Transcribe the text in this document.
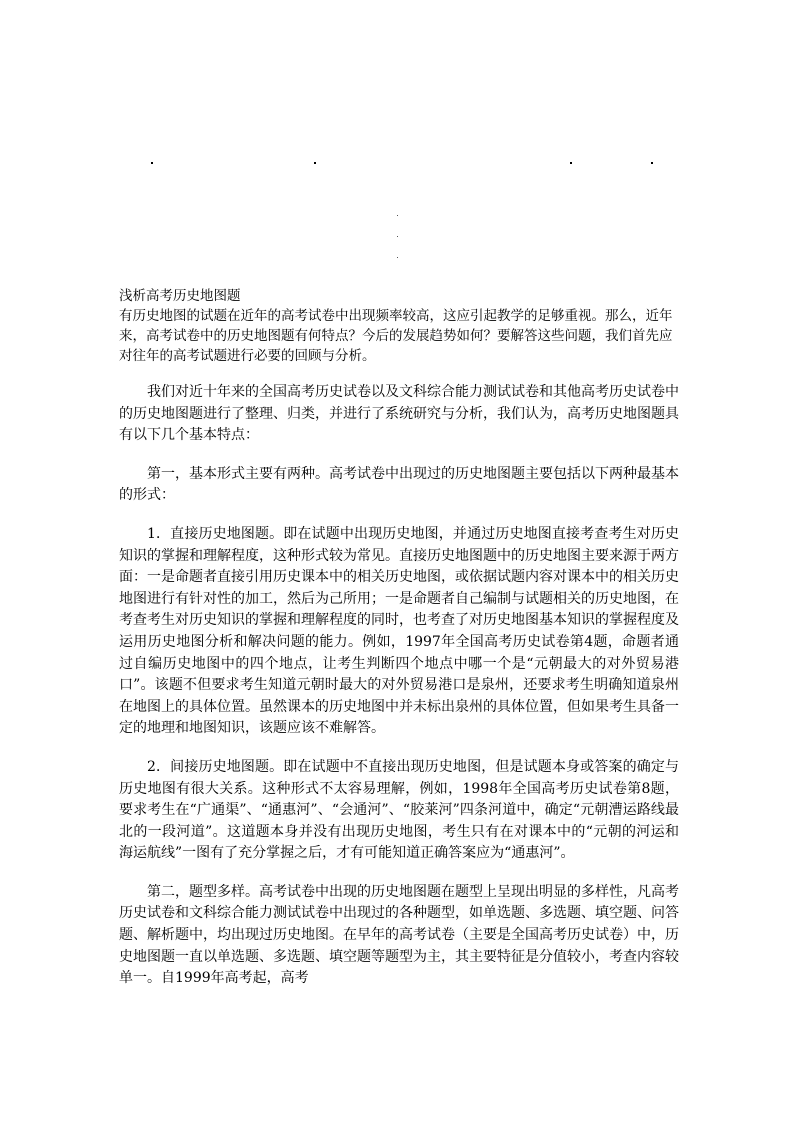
浅析高考历史地图题

有历史地图的试题在近年的高考试卷中出现频率较高，这应引起教学的足够重视。那么，近年来，高考试卷中的历史地图题有何特点？今后的发展趋势如何？要解答这些问题，我们首先应对往年的高考试题进行必要的回顾与分析。

我们对近十年来的全国高考历史试卷以及文科综合能力测试试卷和其他高考历史试卷中的历史地图题进行了整理、归类，并进行了系统研究与分析，我们认为，高考历史地图题具有以下几个基本特点：

第一，基本形式主要有两种。高考试卷中出现过的历史地图题主要包括以下两种最基本的形式：

1．直接历史地图题。即在试题中出现历史地图，并通过历史地图直接考查考生对历史知识的掌握和理解程度，这种形式较为常见。直接历史地图题中的历史地图主要来源于两方面：一是命题者直接引用历史课本中的相关历史地图，或依据试题内容对课本中的相关历史地图进行有针对性的加工，然后为己所用；一是命题者自己编制与试题相关的历史地图，在考查考生对历史知识的掌握和理解程度的同时，也考查了对历史地图基本知识的掌握程度及运用历史地图分析和解决问题的能力。例如，1997年全国高考历史试卷第4题，命题者通过自编历史地图中的四个地点，让考生判断四个地点中哪一个是“元朝最大的对外贸易港口”。该题不但要求考生知道元朝时最大的对外贸易港口是泉州，还要求考生明确知道泉州在地图上的具体位置。虽然课本的历史地图中并未标出泉州的具体位置，但如果考生具备一定的地理和地图知识，该题应该不难解答。

2．间接历史地图题。即在试题中不直接出现历史地图，但是试题本身或答案的确定与历史地图有很大关系。这种形式不太容易理解，例如，1998年全国高考历史试卷第8题，要求考生在“广通渠”、“通惠河”、“会通河”、“胶莱河”四条河道中，确定“元朝漕运路线最北的一段河道”。这道题本身并没有出现历史地图，考生只有在对课本中的“元朝的河运和海运航线”一图有了充分掌握之后，才有可能知道正确答案应为“通惠河”。

第二，题型多样。高考试卷中出现的历史地图题在题型上呈现出明显的多样性，凡高考历史试卷和文科综合能力测试试卷中出现过的各种题型，如单选题、多选题、填空题、问答题、解析题中，均出现过历史地图。在早年的高考试卷（主要是全国高考历史试卷）中，历史地图题一直以单选题、多选题、填空题等题型为主，其主要特征是分值较小，考查内容较单一。自1999年高考起，高考
